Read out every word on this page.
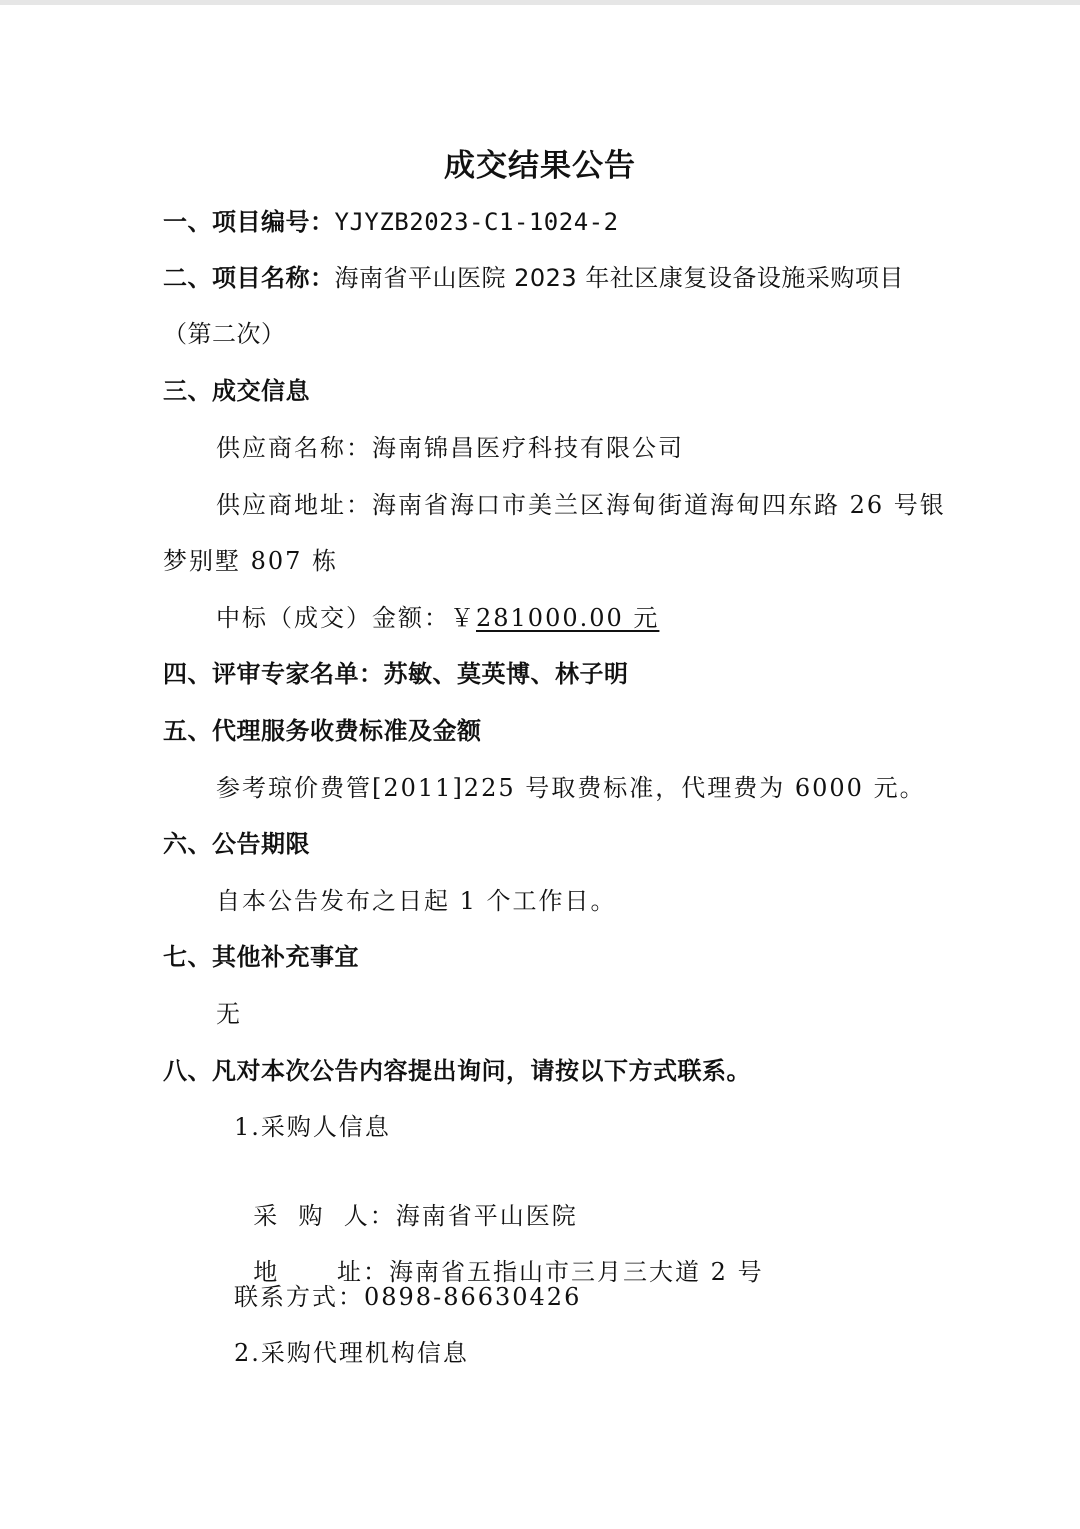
成交结果公告
一、项目编号：YJYZB2023-C1-1024-2
二、项目名称：海南省平山医院 2023 年社区康复设备设施采购项目
（第二次）
三、成交信息
供应商名称：海南锦昌医疗科技有限公司
供应商地址：海南省海口市美兰区海甸街道海甸四东路 26 号银
梦别墅 807 栋
中标（成交）金额：￥281000.00 元
四、评审专家名单：苏敏、莫英博、林子明
五、代理服务收费标准及金额
参考琼价费管[2011]225 号取费标准，代理费为 6000 元。
六、公告期限
自本公告发布之日起 1 个工作日。
七、其他补充事宜
无
八、凡对本次公告内容提出询问，请按以下方式联系。
1.采购人信息

采  购  人：海南省平山医院

地      址：海南省五指山市三月三大道 2 号

联系方式：0898-86630426
2.采购代理机构信息
